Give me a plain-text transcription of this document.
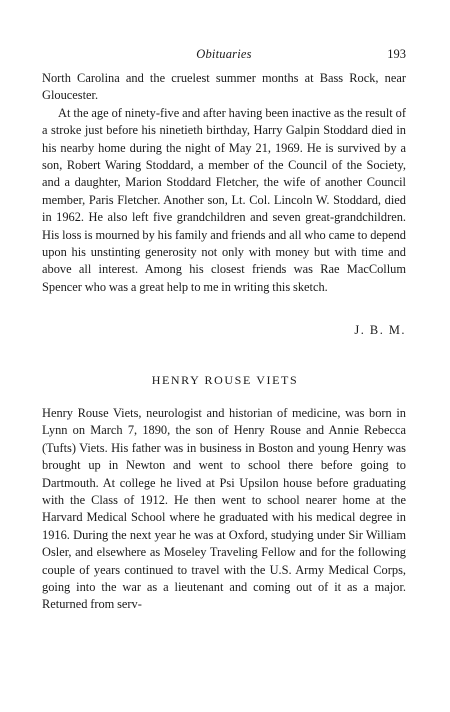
Obituaries	193

North Carolina and the cruelest summer months at Bass Rock, near Gloucester.

At the age of ninety-five and after having been inactive as the result of a stroke just before his ninetieth birthday, Harry Galpin Stoddard died in his nearby home during the night of May 21, 1969. He is survived by a son, Robert Waring Stoddard, a member of the Council of the Society, and a daughter, Marion Stoddard Fletcher, the wife of another Council member, Paris Fletcher. Another son, Lt. Col. Lincoln W. Stoddard, died in 1962. He also left five grandchildren and seven great-grandchildren. His loss is mourned by his family and friends and all who came to depend upon his unstinting generosity not only with money but with time and above all interest. Among his closest friends was Rae MacCollum Spencer who was a great help to me in writing this sketch.

J. B. M.
HENRY ROUSE VIETS

Henry Rouse Viets, neurologist and historian of medicine, was born in Lynn on March 7, 1890, the son of Henry Rouse and Annie Rebecca (Tufts) Viets. His father was in business in Boston and young Henry was brought up in Newton and went to school there before going to Dartmouth. At college he lived at Psi Upsilon house before graduating with the Class of 1912. He then went to school nearer home at the Harvard Medical School where he graduated with his medical degree in 1916. During the next year he was at Oxford, studying under Sir William Osler, and elsewhere as Moseley Traveling Fellow and for the following couple of years continued to travel with the U.S. Army Medical Corps, going into the war as a lieutenant and coming out of it as a major. Returned from serv-
